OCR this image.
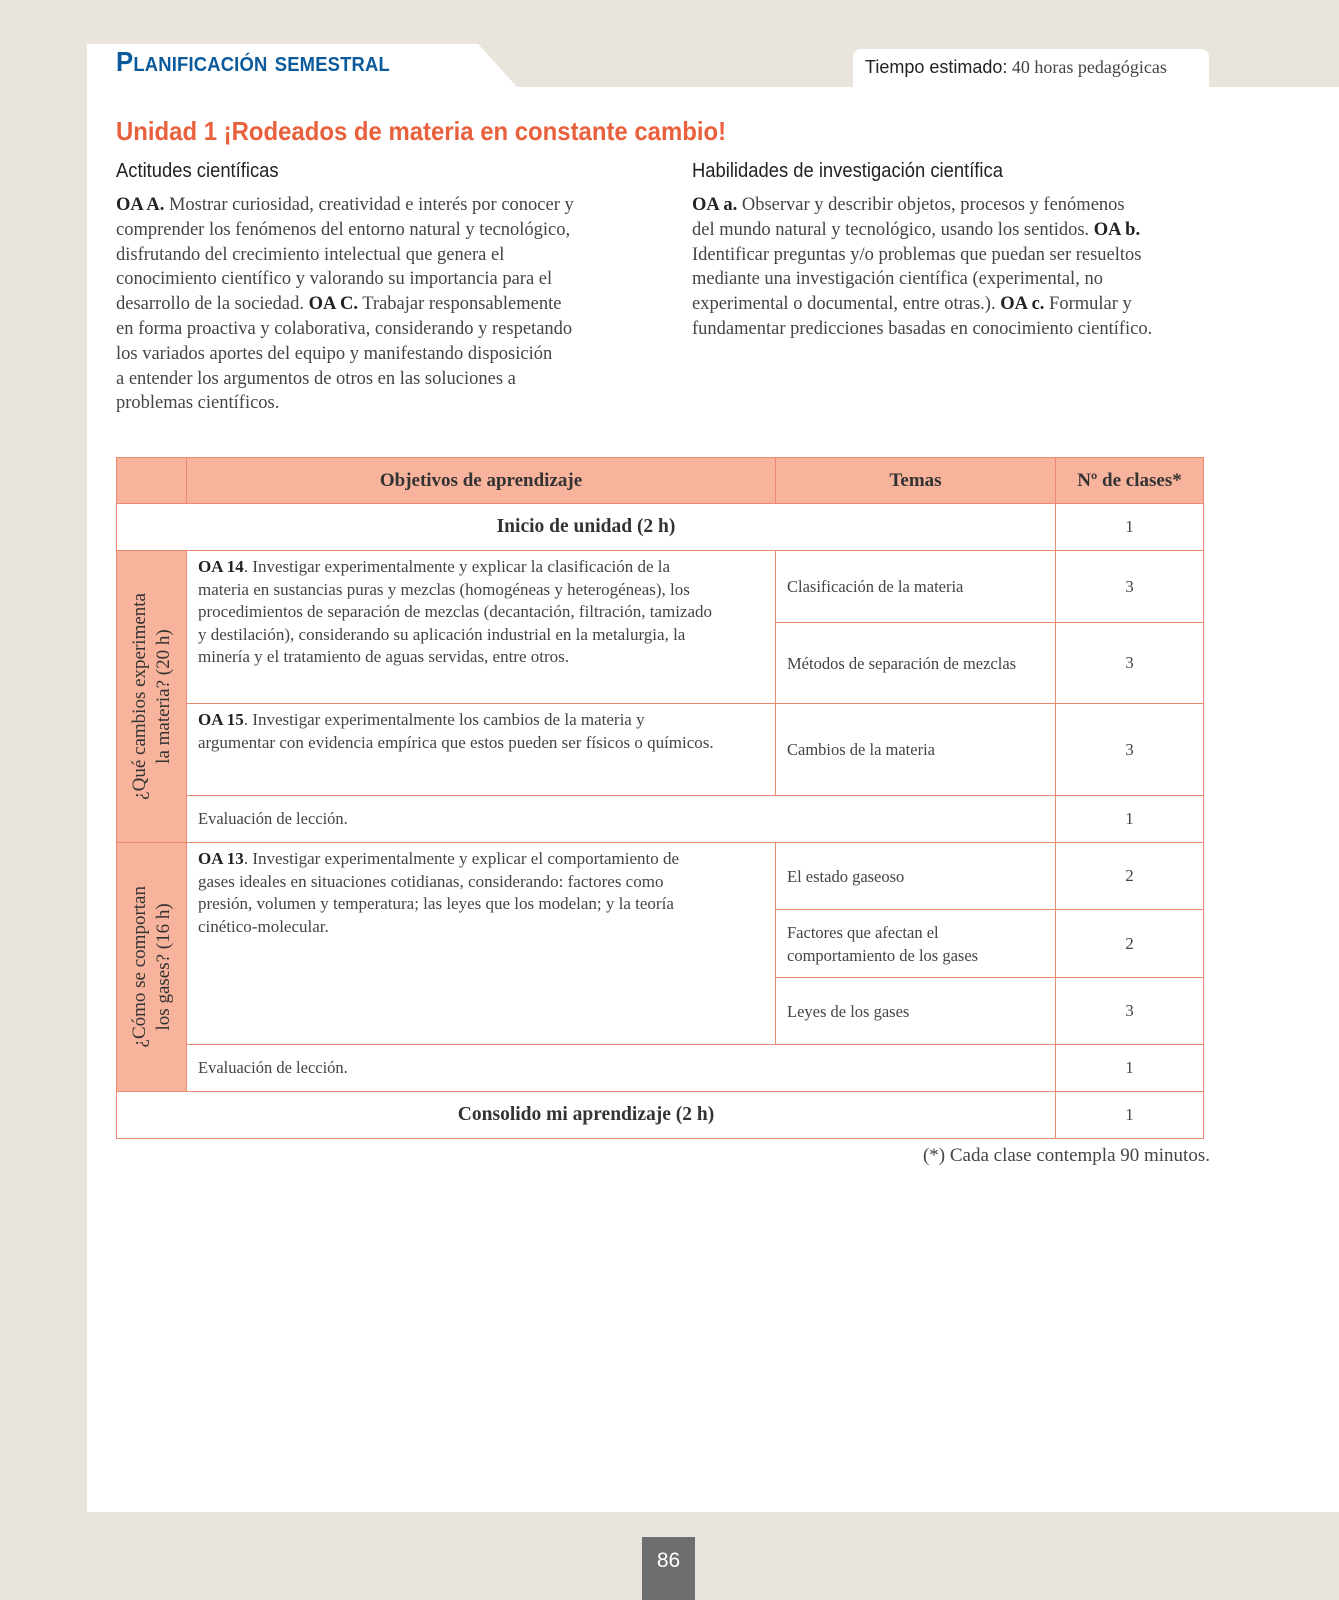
Planificación semestral	Tiempo estimado: 40 horas pedagógicas
Unidad 1 ¡Rodeados de materia en constante cambio!
Actitudes científicas

OA A. Mostrar curiosidad, creatividad e interés por conocer y
comprender los fenómenos del entorno natural y tecnológico,
disfrutando del crecimiento intelectual que genera el
conocimiento científico y valorando su importancia para el
desarrollo de la sociedad. OA C. Trabajar responsablemente
en forma proactiva y colaborativa, considerando y respetando
los variados aportes del equipo y manifestando disposición
a entender los argumentos de otros en las soluciones a
problemas científicos.

Habilidades de investigación científica

OA a. Observar y describir objetos, procesos y fenómenos
del mundo natural y tecnológico, usando los sentidos. OA b.
Identificar preguntas y/o problemas que puedan ser resueltos
mediante una investigación científica (experimental, no
experimental o documental, entre otras.). OA c. Formular y
fundamentar predicciones basadas en conocimiento científico.

	Objetivos de aprendizaje	Temas	Nº de clases*
Inicio de unidad (2 h)			1

¿Qué cambios experimenta la materia? (20 h)	OA 14. Investigar experimentalmente y explicar la clasificación de la
materia en sustancias puras y mezclas (homogéneas y heterogéneas), los
procedimientos de separación de mezclas (decantación, filtración, tamizado
y destilación), considerando su aplicación industrial en la metalurgia, la
minería y el tratamiento de aguas servidas, entre otros.	Clasificación de la materia	3
		Métodos de separación de mezclas	3
	OA 15. Investigar experimentalmente los cambios de la materia y
argumentar con evidencia empírica que estos pueden ser físicos o químicos.	Cambios de la materia	3
	Evaluación de lección.		1

¿Cómo se comportan los gases? (16 h)	OA 13. Investigar experimentalmente y explicar el comportamiento de
gases ideales en situaciones cotidianas, considerando: factores como
presión, volumen y temperatura; las leyes que los modelan; y la teoría
cinético-molecular.	El estado gaseoso	2
		Factores que afectan el
comportamiento de los gases	2
		Leyes de los gases	3
	Evaluación de lección.		1
Consolido mi aprendizaje (2 h)			1
(*) Cada clase contempla 90 minutos.
86
